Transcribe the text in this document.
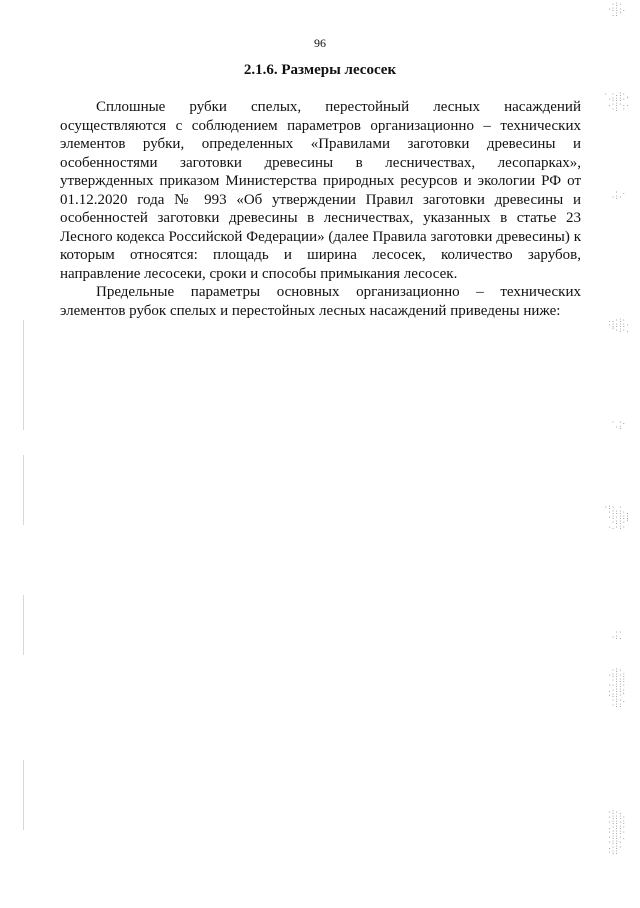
96
2.1.6. Размеры лесосек

Сплошные рубки спелых, перестойный лесных насаждений осуществляются с соблюдением параметров организационно – технических элементов рубки, определенных «Правилами заготовки древесины и особенностями заготовки древесины в лесничествах, лесопарках», утвержденных приказом Министерства природных ресурсов и экологии РФ от 01.12.2020 года № 993 «Об утверждении Правил заготовки древесины и особенностей заготовки древесины в лесничествах, указанных в статье 23 Лесного кодекса Российской Федерации» (далее Правила заготовки древесины) к которым относятся: площадь и ширина лесосек, количество зарубов, направление лесосеки, сроки и способы примыкания лесосек.

Предельные параметры основных организационно – технических элементов рубок спелых и перестойных лесных насаждений приведены ниже:

·:·
·::·.
.:'
· ·.:·
·:::·'
.·:·..
·: ·
· .
·:·
..·:·
·::::·
'·:·.
· ·.
·:
·:· ·
·:::·.
·:·:::
·::·'
·.·:·
··
·:.
·:·
·::·:
·:::
··::·
.·::·
·::·'
·:·.
·::
·:·.
·:::·
·::·:
.·::·
·:::·
·::·.
·::·
.·:·
·::
